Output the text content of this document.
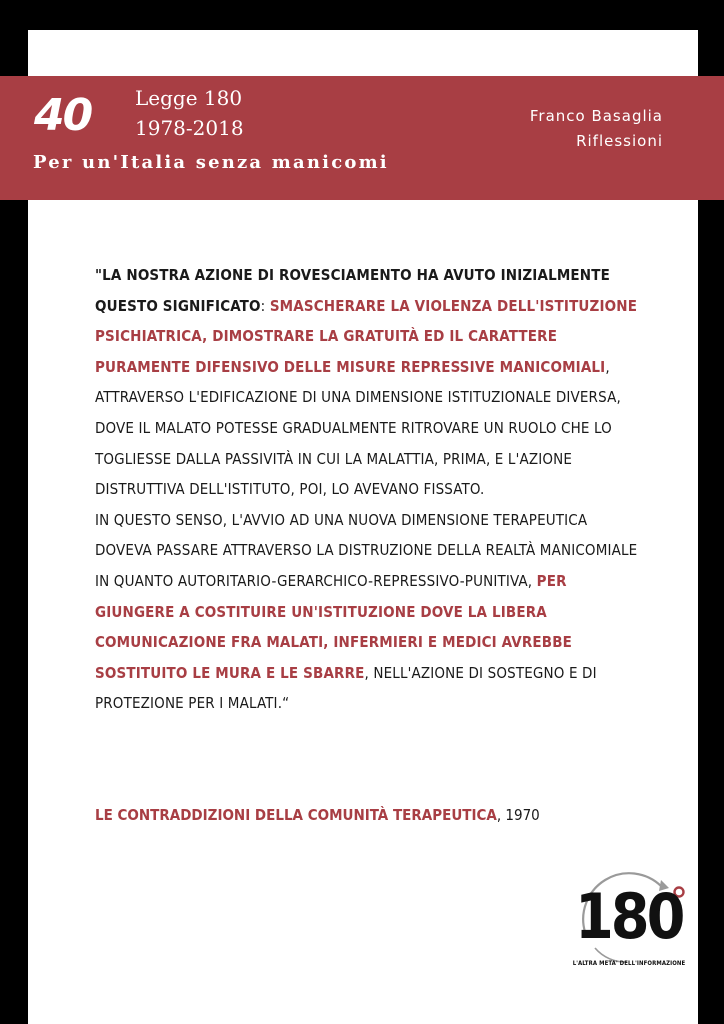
40 Legge 180
1978-2018
Per un'Italia senza manicomi
Franco Basaglia
Riflessioni
"LA NOSTRA AZIONE DI ROVESCIAMENTO HA AVUTO INIZIALMENTE QUESTO SIGNIFICATO: SMASCHERARE LA VIOLENZA DELL'ISTITUZIONE PSICHIATRICA, DIMOSTRARE LA GRATUITÀ ED IL CARATTERE PURAMENTE DIFENSIVO DELLE MISURE REPRESSIVE MANICOMIALI, ATTRAVERSO L'EDIFICAZIONE DI UNA DIMENSIONE ISTITUZIONALE DIVERSA, DOVE IL MALATO POTESSE GRADUALMENTE RITROVARE UN RUOLO CHE LO TOGLIESSE DALLA PASSIVITÀ IN CUI LA MALATTIA, PRIMA, E L'AZIONE DISTRUTTIVA DELL'ISTITUTO, POI, LO AVEVANO FISSATO.
IN QUESTO SENSO, L'AVVIO AD UNA NUOVA DIMENSIONE TERAPEUTICA DOVEVA PASSARE ATTRAVERSO LA DISTRUZIONE DELLA REALTÀ MANICOMIALE IN QUANTO AUTORITARIO-GERARCHICO-REPRESSIVO-PUNITIVA, PER GIUNGERE A COSTITUIRE UN'ISTITUZIONE DOVE LA LIBERA COMUNICAZIONE FRA MALATI, INFERMIERI E MEDICI AVREBBE SOSTITUITO LE MURA E LE SBARRE, NELL'AZIONE DI SOSTEGNO E DI PROTEZIONE PER I MALATI.“
LE CONTRADDIZIONI DELLA COMUNITÀ TERAPEUTICA, 1970
180
L'ALTRA META' DELL'INFORMAZIONE
